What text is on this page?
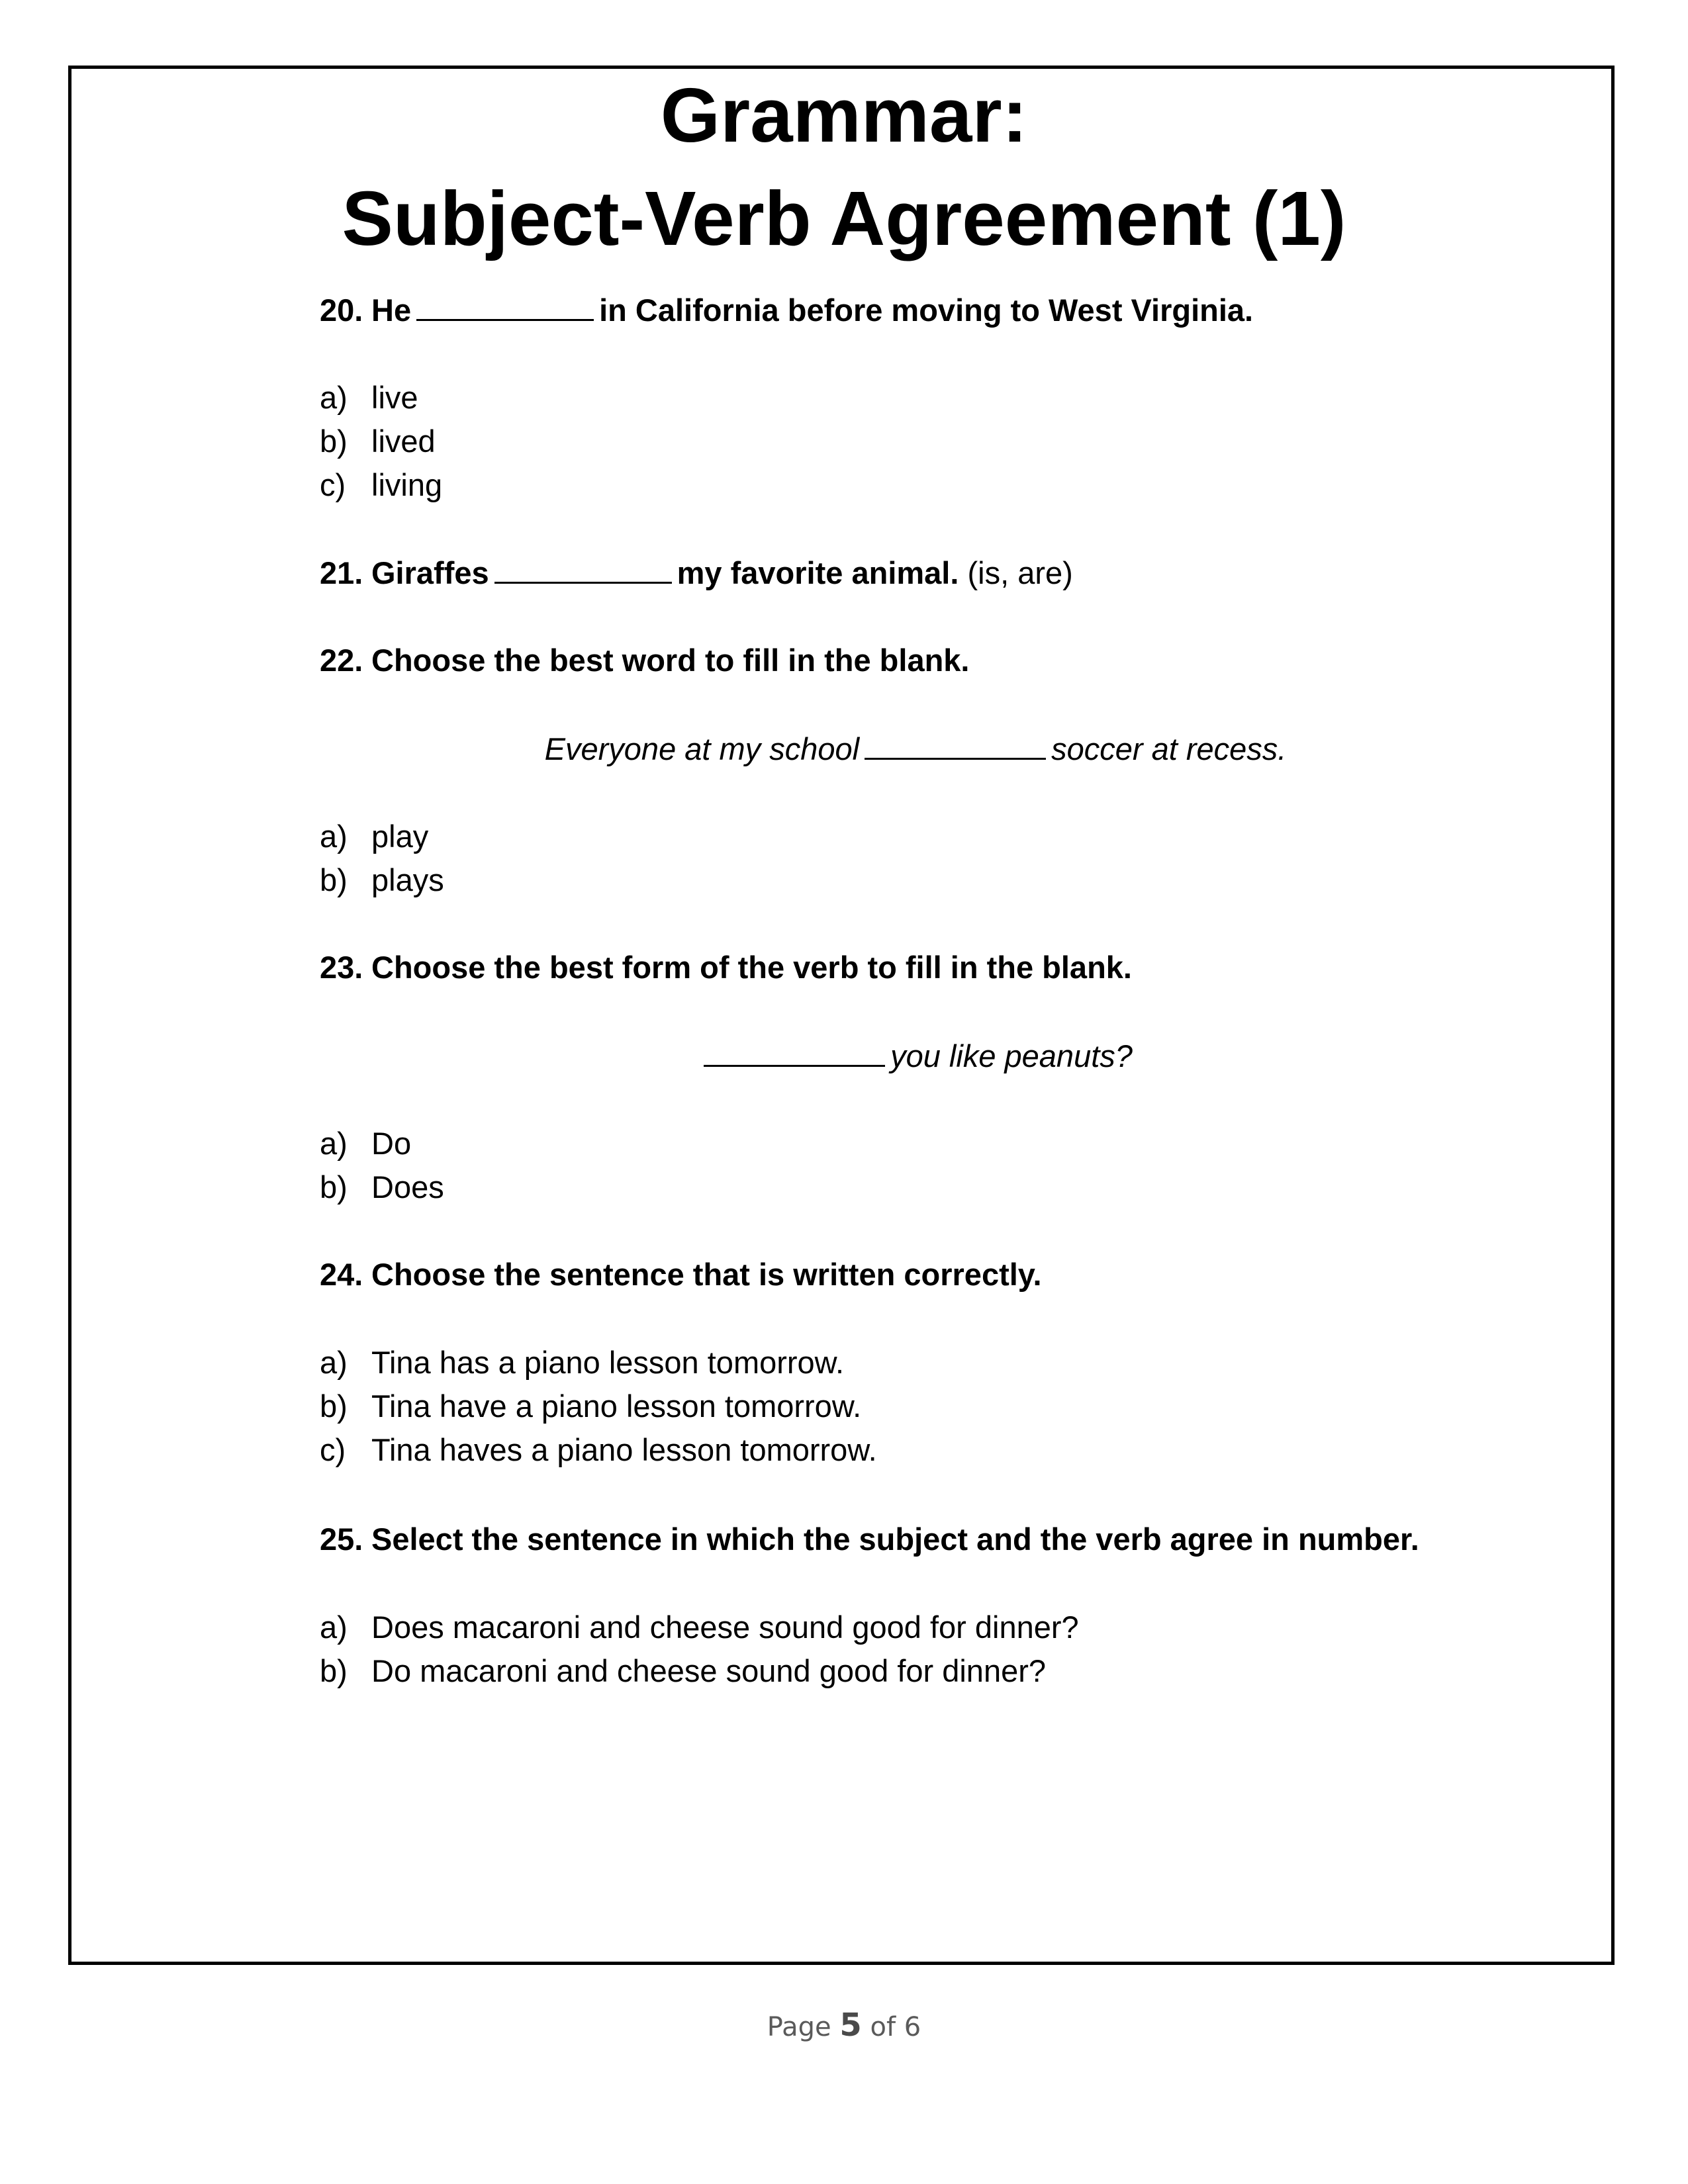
Grammar:
Subject-Verb Agreement (1)
20. He	in California before moving to West Virginia.
a) live
b) lived
c) living
21. Giraffes	my favorite animal. (is, are)
22. Choose the best word to fill in the blank.
Everyone at my school	soccer at recess.
a) play
b) plays
23. Choose the best form of the verb to fill in the blank.
you like peanuts?
a) Do
b) Does
24. Choose the sentence that is written correctly.
a) Tina has a piano lesson tomorrow.
b) Tina have a piano lesson tomorrow.
c) Tina haves a piano lesson tomorrow.
25. Select the sentence in which the subject and the verb agree in number.
a) Does macaroni and cheese sound good for dinner?
b) Do macaroni and cheese sound good for dinner?
Page 5 of 6
